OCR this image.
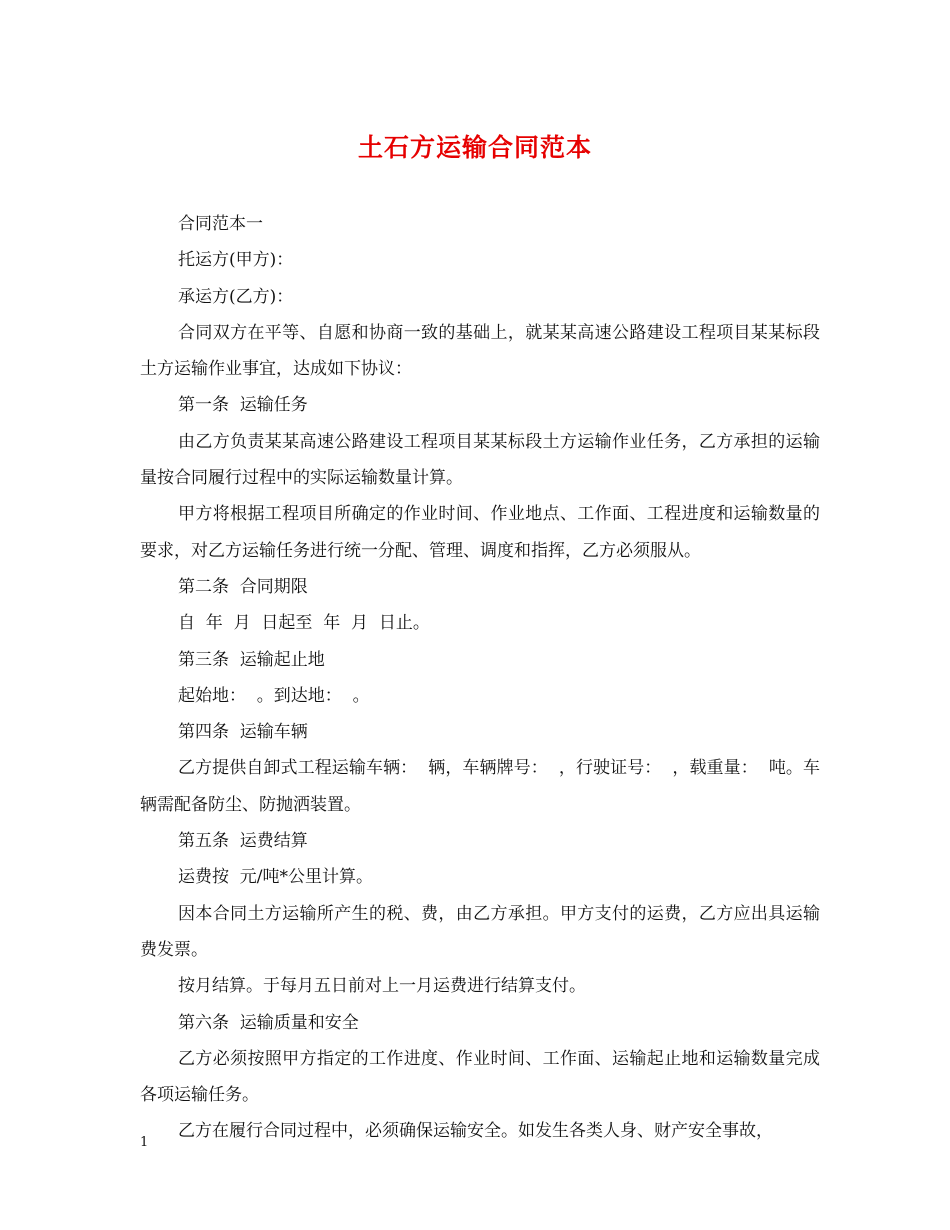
土石方运输合同范本

合同范本一

托运方(甲方)：

承运方(乙方)：

合同双方在平等、自愿和协商一致的基础上，就某某高速公路建设工程项目某某标段土方运输作业事宜，达成如下协议：

第一条  运输任务

由乙方负责某某高速公路建设工程项目某某标段土方运输作业任务，乙方承担的运输量按合同履行过程中的实际运输数量计算。

甲方将根据工程项目所确定的作业时间、作业地点、工作面、工程进度和运输数量的要求，对乙方运输任务进行统一分配、管理、调度和指挥，乙方必须服从。

第二条  合同期限

自  年  月  日起至  年  月  日止。

第三条  运输起止地

起始地：  。到达地：  。

第四条  运输车辆

乙方提供自卸式工程运输车辆：  辆，车辆牌号：  ，行驶证号：  ，载重量：  吨。车辆需配备防尘、防抛洒装置。

第五条  运费结算

运费按  元/吨*公里计算。

因本合同土方运输所产生的税、费，由乙方承担。甲方支付的运费，乙方应出具运输费发票。

按月结算。于每月五日前对上一月运费进行结算支付。

第六条  运输质量和安全

乙方必须按照甲方指定的工作进度、作业时间、工作面、运输起止地和运输数量完成各项运输任务。

乙方在履行合同过程中，必须确保运输安全。如发生各类人身、财产安全事故，

1
